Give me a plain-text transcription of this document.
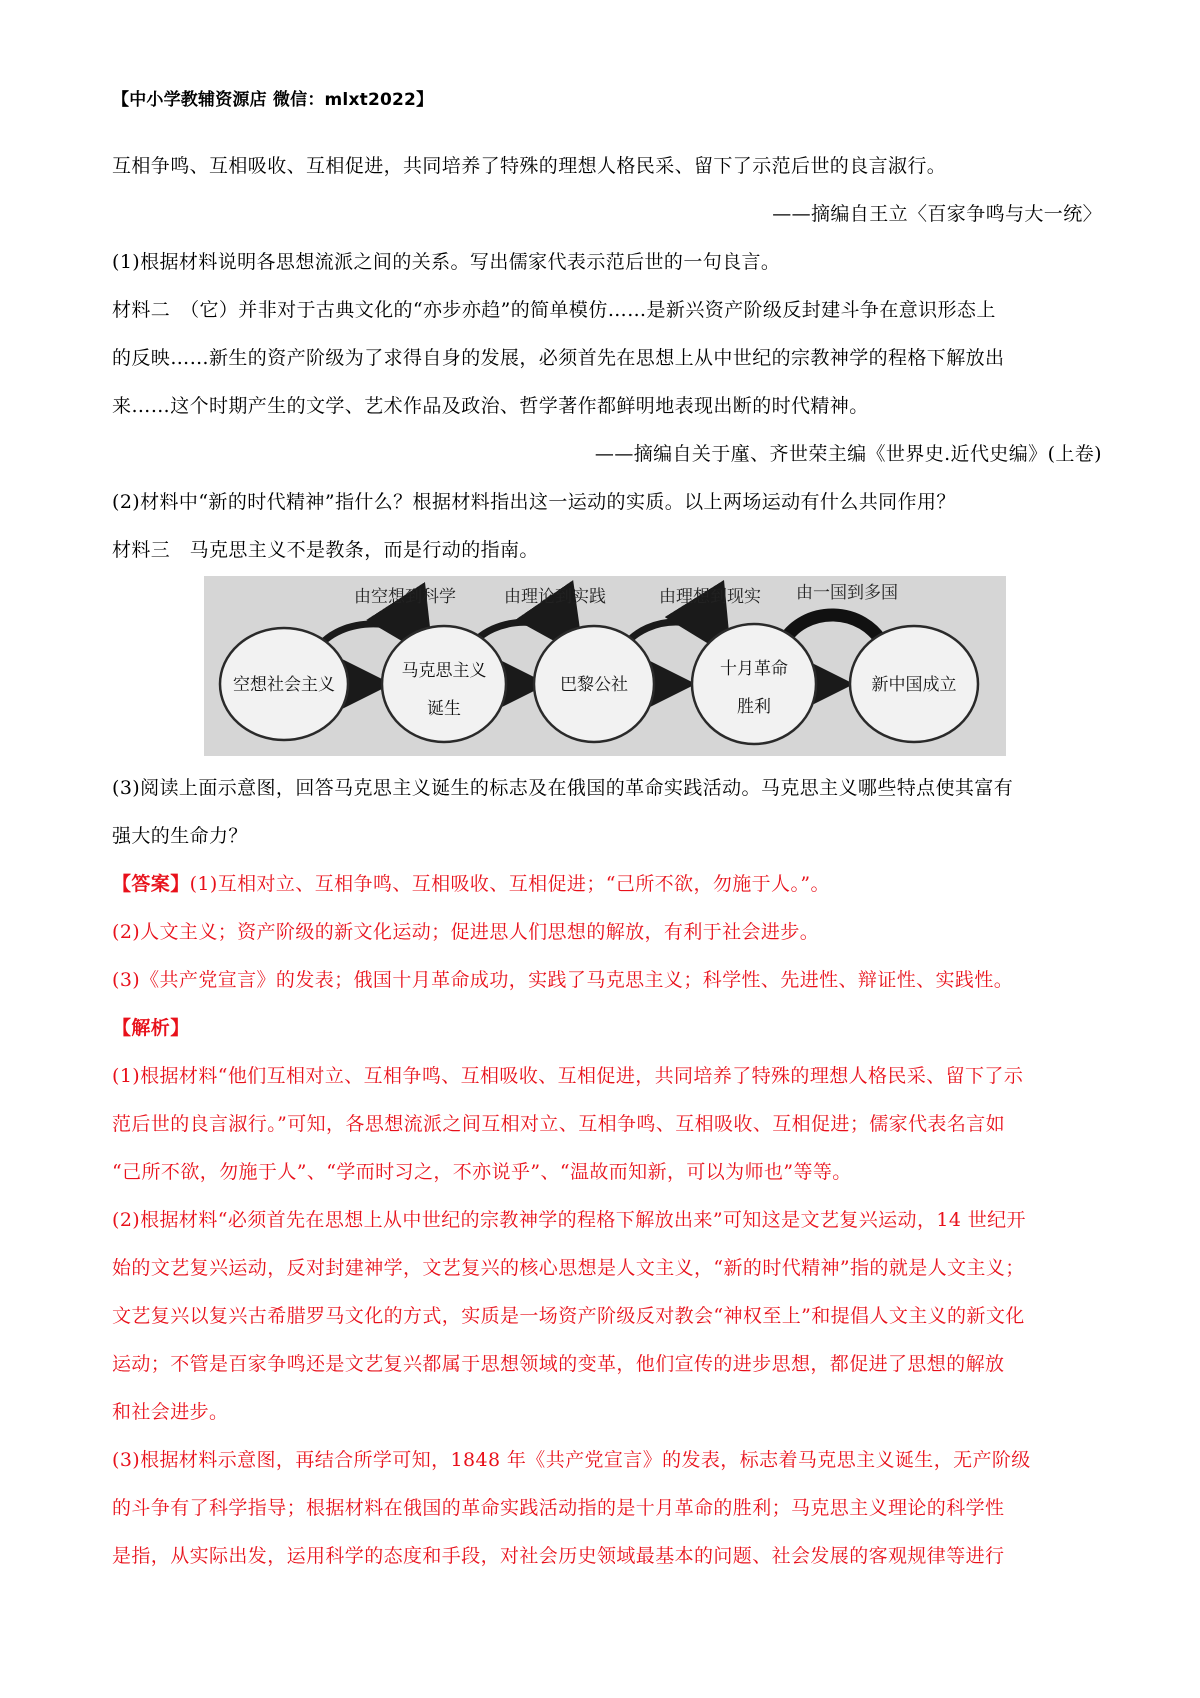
【中小学教辅资源店 微信：mlxt2022】
互相争鸣、互相吸收、互相促进，共同培养了特殊的理想人格民采、留下了示范后世的良言淑行。
——摘编自王立〈百家争鸣与大一统〉
(1)根据材料说明各思想流派之间的关系。写出儒家代表示范后世的一句良言。
材料二　（它）并非对于古典文化的“亦步亦趋”的简单模仿……是新兴资产阶级反封建斗争在意识形态上
的反映……新生的资产阶级为了求得自身的发展，必须首先在思想上从中世纪的宗教神学的程格下解放出
来……这个时期产生的文学、艺术作品及政治、哲学著作都鲜明地表现出断的时代精神。
——摘编自关于廑、齐世荣主编《世界史.近代史编》(上卷)
(2)材料中“新的时代精神”指什么？根据材料指出这一运动的实质。以上两场运动有什么共同作用？
材料三　马克思主义不是教条，而是行动的指南。
由空想到科学	由理论到实践	由理想到现实 由一国到多国
空想社会主义
马克思主义
诞生
巴黎公社
十月革命
胜利
新中国成立
(3)阅读上面示意图，回答马克思主义诞生的标志及在俄国的革命实践活动。马克思主义哪些特点使其富有
强大的生命力？
【答案】(1)互相对立、互相争鸣、互相吸收、互相促进；“己所不欲，勿施于人。”。
(2)人文主义；资产阶级的新文化运动；促进思人们思想的解放，有利于社会进步。
(3)《共产党宣言》的发表；俄国十月革命成功，实践了马克思主义；科学性、先进性、辩证性、实践性。
【解析】
(1)根据材料“他们互相对立、互相争鸣、互相吸收、互相促进，共同培养了特殊的理想人格民采、留下了示
范后世的良言淑行。”可知，各思想流派之间互相对立、互相争鸣、互相吸收、互相促进；儒家代表名言如
“己所不欲，勿施于人”、“学而时习之，不亦说乎”、“温故而知新，可以为师也”等等。
(2)根据材料“必须首先在思想上从中世纪的宗教神学的程格下解放出来”可知这是文艺复兴运动，14 世纪开
始的文艺复兴运动，反对封建神学，文艺复兴的核心思想是人文主义，“新的时代精神”指的就是人文主义；
文艺复兴以复兴古希腊罗马文化的方式，实质是一场资产阶级反对教会“神权至上”和提倡人文主义的新文化
运动；不管是百家争鸣还是文艺复兴都属于思想领域的变革，他们宣传的进步思想，都促进了思想的解放
和社会进步。
(3)根据材料示意图，再结合所学可知，1848 年《共产党宣言》的发表，标志着马克思主义诞生，无产阶级
的斗争有了科学指导；根据材料在俄国的革命实践活动指的是十月革命的胜利；马克思主义理论的科学性
是指，从实际出发，运用科学的态度和手段，对社会历史领域最基本的问题、社会发展的客观规律等进行
